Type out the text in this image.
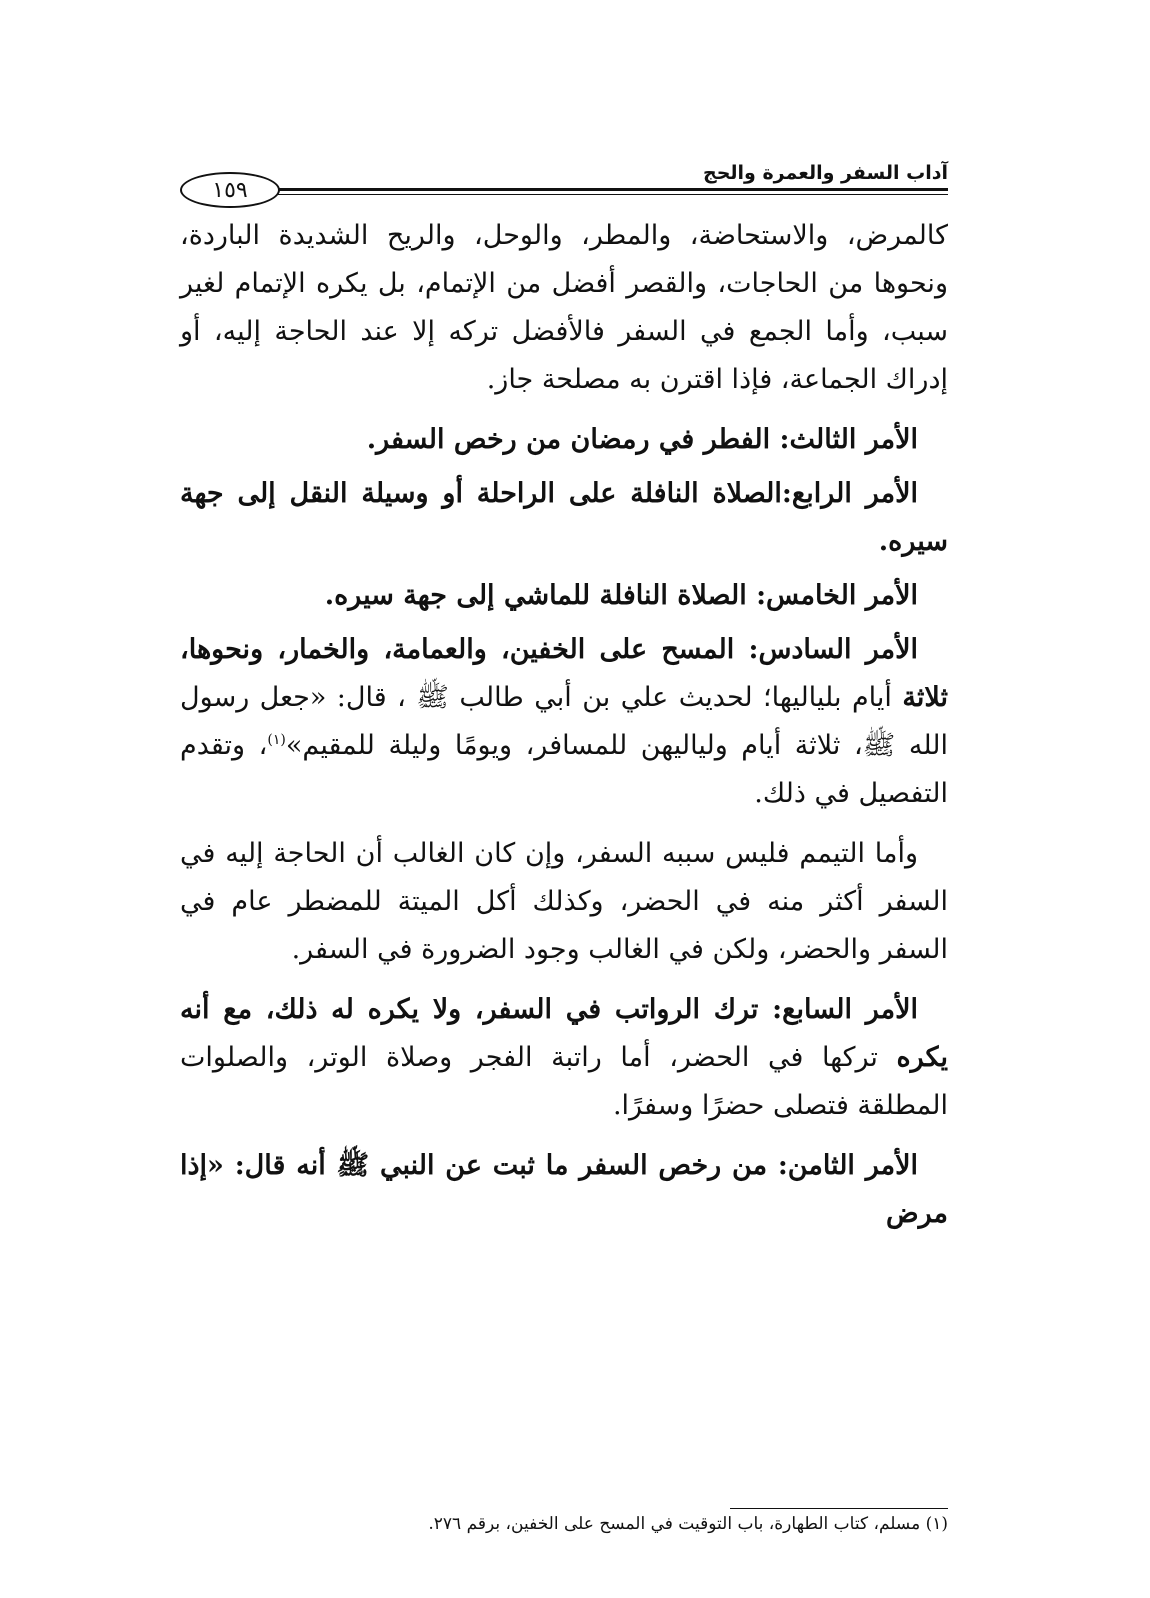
آداب السفر والعمرة والحج
١٥٩

كالمرض، والاستحاضة، والمطر، والوحل، والريح الشديدة الباردة، ونحوها من الحاجات، والقصر أفضل من الإتمام، بل يكره الإتمام لغير سبب، وأما الجمع في السفر فالأفضل تركه إلا عند الحاجة إليه، أو إدراك الجماعة، فإذا اقترن به مصلحة جاز.

الأمر الثالث: الفطر في رمضان من رخص السفر.

الأمر الرابع:الصلاة النافلة على الراحلة أو وسيلة النقل إلى جهة سيره.

الأمر الخامس: الصلاة النافلة للماشي إلى جهة سيره.

الأمر السادس: المسح على الخفين، والعمامة، والخمار، ونحوها، ثلاثة أيام بلياليها؛ لحديث علي بن أبي طالب ﷺ ، قال: «جعل رسول الله ﷺ، ثلاثة أيام ولياليهن للمسافر، ويومًا وليلة للمقيم»$^{(١)}$، وتقدم التفصيل في ذلك.

وأما التيمم فليس سببه السفر، وإن كان الغالب أن الحاجة إليه في السفر أكثر منه في الحضر، وكذلك أكل الميتة للمضطر عام في السفر والحضر، ولكن في الغالب وجود الضرورة في السفر.

الأمر السابع: ترك الرواتب في السفر، ولا يكره له ذلك، مع أنه يكره تركها في الحضر، أما راتبة الفجر وصلاة الوتر، والصلوات المطلقة فتصلى حضرًا وسفرًا.

الأمر الثامن: من رخص السفر ما ثبت عن النبي ﷺ أنه قال: «إذا مرض

(١) مسلم، كتاب الطهارة، باب التوقيت في المسح على الخفين، برقم ٢٧٦.
